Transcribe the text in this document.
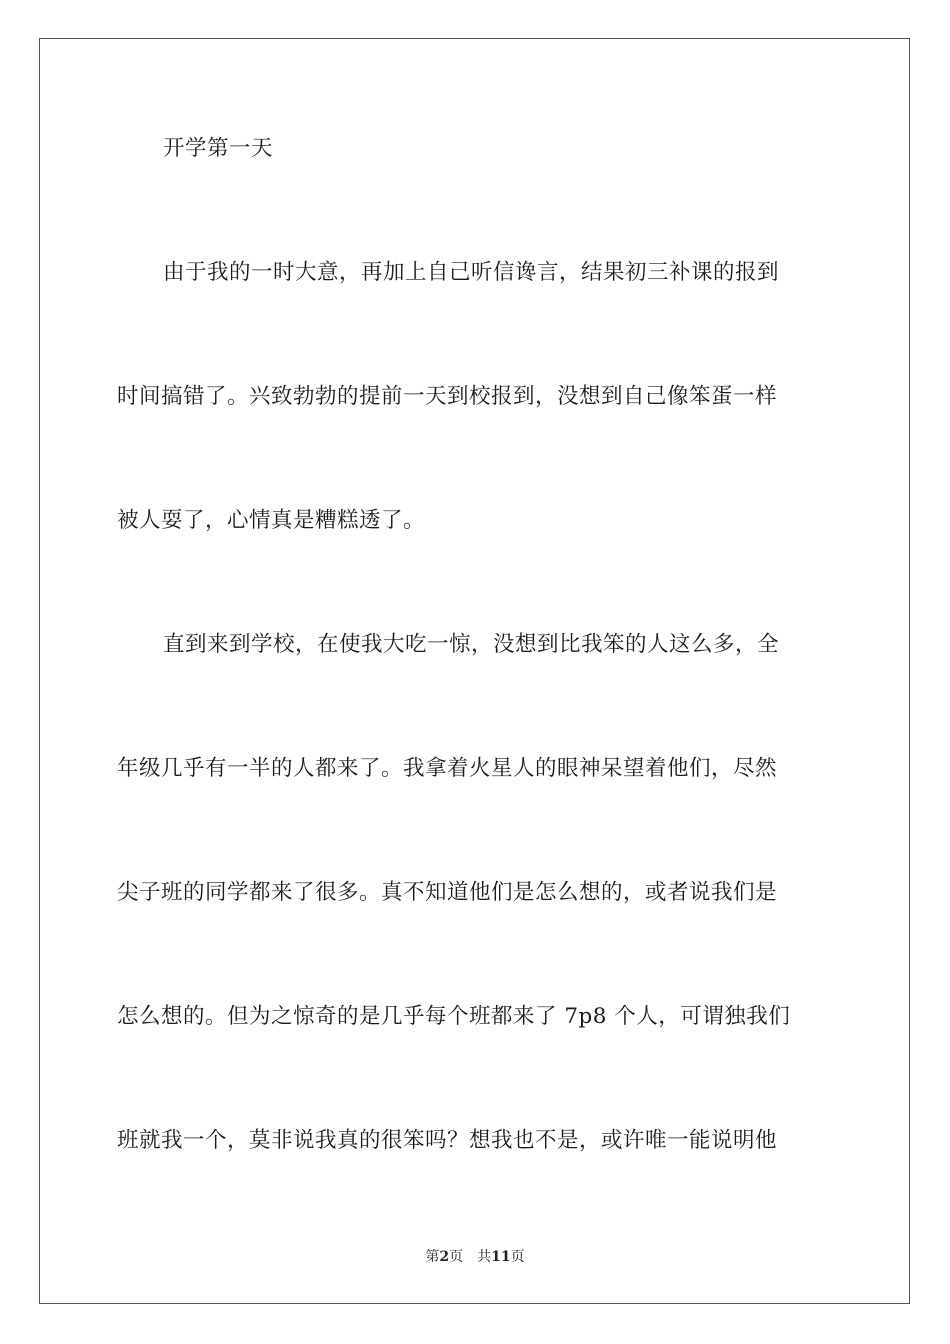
开学第一天
由于我的一时大意，再加上自己听信谗言，结果初三补课的报到
时间搞错了。兴致勃勃的提前一天到校报到，没想到自己像笨蛋一样
被人耍了，心情真是糟糕透了。
直到来到学校，在使我大吃一惊，没想到比我笨的人这么多，全
年级几乎有一半的人都来了。我拿着火星人的眼神呆望着他们，尽然
尖子班的同学都来了很多。真不知道他们是怎么想的，或者说我们是
怎么想的。但为之惊奇的是几乎每个班都来了 7p8 个人，可谓独我们
班就我一个，莫非说我真的很笨吗？想我也不是，或许唯一能说明他
第2页 共11页
